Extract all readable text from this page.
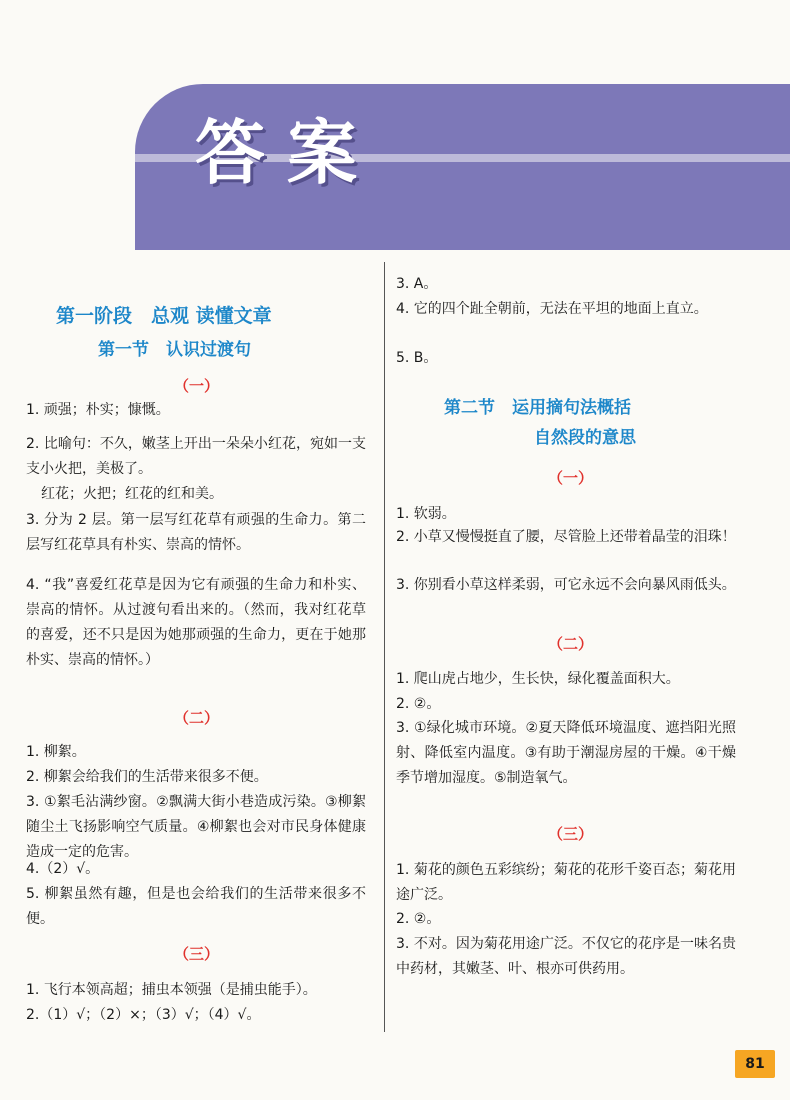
答案
第一阶段　总观 读懂文章
第一节　认识过渡句
（一）
1. 顽强；朴实；慷慨。
2. 比喻句：不久，嫩茎上开出一朵朵小红花，宛如一支支小火把，美极了。
红花；火把；红花的红和美。
3. 分为 2 层。第一层写红花草有顽强的生命力。第二层写红花草具有朴实、崇高的情怀。
4. “我”喜爱红花草是因为它有顽强的生命力和朴实、崇高的情怀。从过渡句看出来的。（然而，我对红花草的喜爱，还不只是因为她那顽强的生命力，更在于她那朴实、崇高的情怀。）
（二）
1. 柳絮。
2. 柳絮会给我们的生活带来很多不便。
3. ①絮毛沾满纱窗。②飘满大街小巷造成污染。③柳絮随尘土飞扬影响空气质量。④柳絮也会对市民身体健康造成一定的危害。
4.（2）√。
5. 柳絮虽然有趣，但是也会给我们的生活带来很多不便。
（三）
1. 飞行本领高超；捕虫本领强（是捕虫能手）。
2.（1）√；（2）×；（3）√；（4）√。
3. A。
4. 它的四个趾全朝前，无法在平坦的地面上直立。
5. B。
第二节　运用摘句法概括
自然段的意思
（一）
1. 软弱。
2. 小草又慢慢挺直了腰，尽管脸上还带着晶莹的泪珠！
3. 你别看小草这样柔弱，可它永远不会向暴风雨低头。
（二）
1. 爬山虎占地少，生长快，绿化覆盖面积大。
2. ②。
3. ①绿化城市环境。②夏天降低环境温度、遮挡阳光照射、降低室内温度。③有助于潮湿房屋的干燥。④干燥季节增加湿度。⑤制造氧气。
（三）
1. 菊花的颜色五彩缤纷；菊花的花形千姿百态；菊花用途广泛。
2. ②。
3. 不对。因为菊花用途广泛。不仅它的花序是一味名贵中药材，其嫩茎、叶、根亦可供药用。
81
